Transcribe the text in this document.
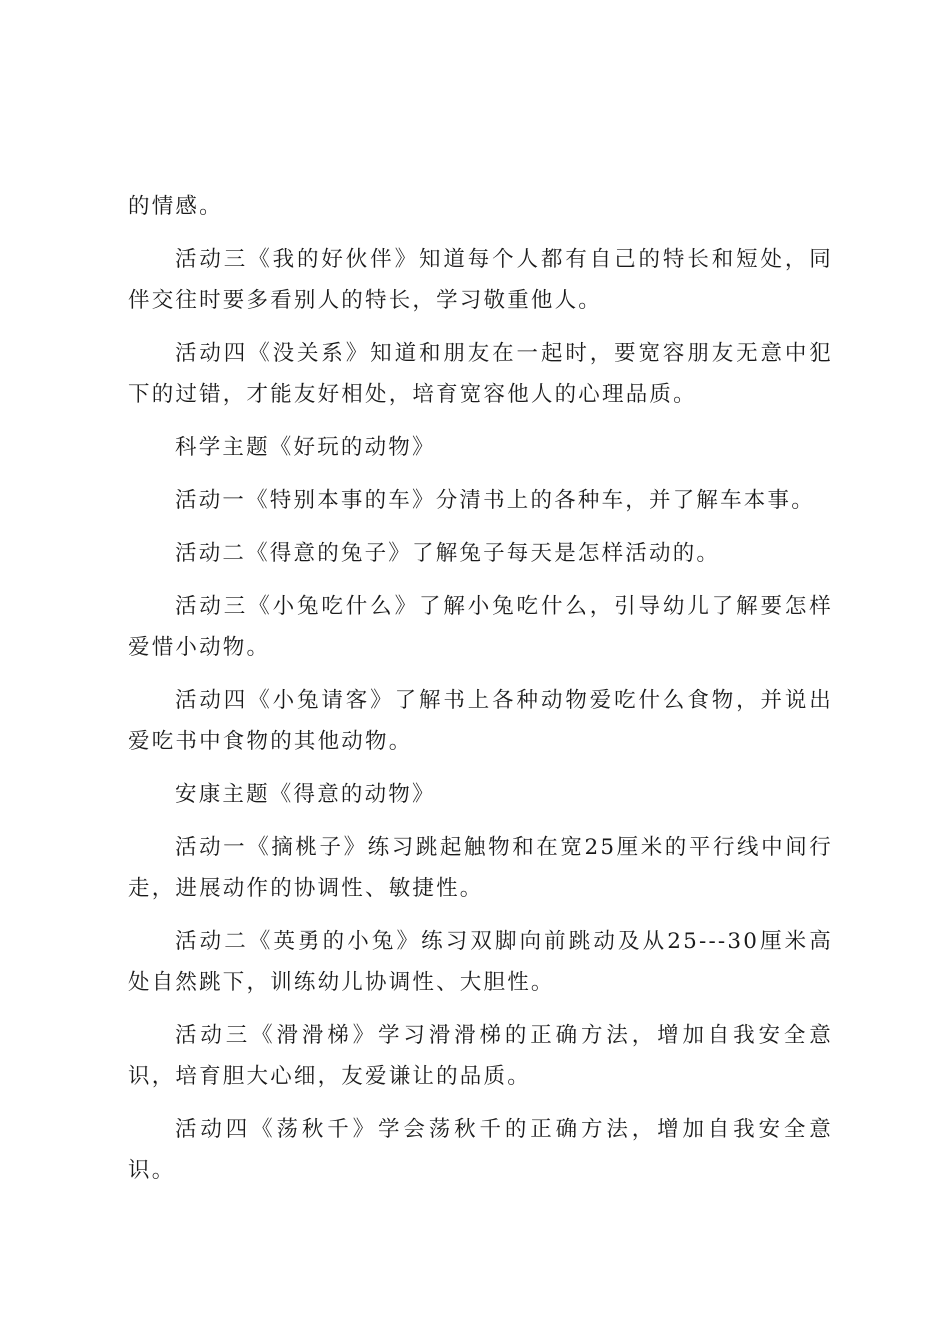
的情感。

活动三《我的好伙伴》知道每个人都有自己的特长和短处，同伴交往时要多看别人的特长，学习敬重他人。

活动四《没关系》知道和朋友在一起时，要宽容朋友无意中犯下的过错，才能友好相处，培育宽容他人的心理品质。

科学主题《好玩的动物》

活动一《特别本事的车》分清书上的各种车，并了解车本事。

活动二《得意的兔子》了解兔子每天是怎样活动的。

活动三《小兔吃什么》了解小兔吃什么，引导幼儿了解要怎样爱惜小动物。

活动四《小兔请客》了解书上各种动物爱吃什么食物，并说出爱吃书中食物的其他动物。

安康主题《得意的动物》

活动一《摘桃子》练习跳起触物和在宽25厘米的平行线中间行走，进展动作的协调性、敏捷性。

活动二《英勇的小兔》练习双脚向前跳动及从25---30厘米高处自然跳下，训练幼儿协调性、大胆性。

活动三《滑滑梯》学习滑滑梯的正确方法，增加自我安全意识，培育胆大心细，友爱谦让的品质。

活动四《荡秋千》学会荡秋千的正确方法，增加自我安全意识。
